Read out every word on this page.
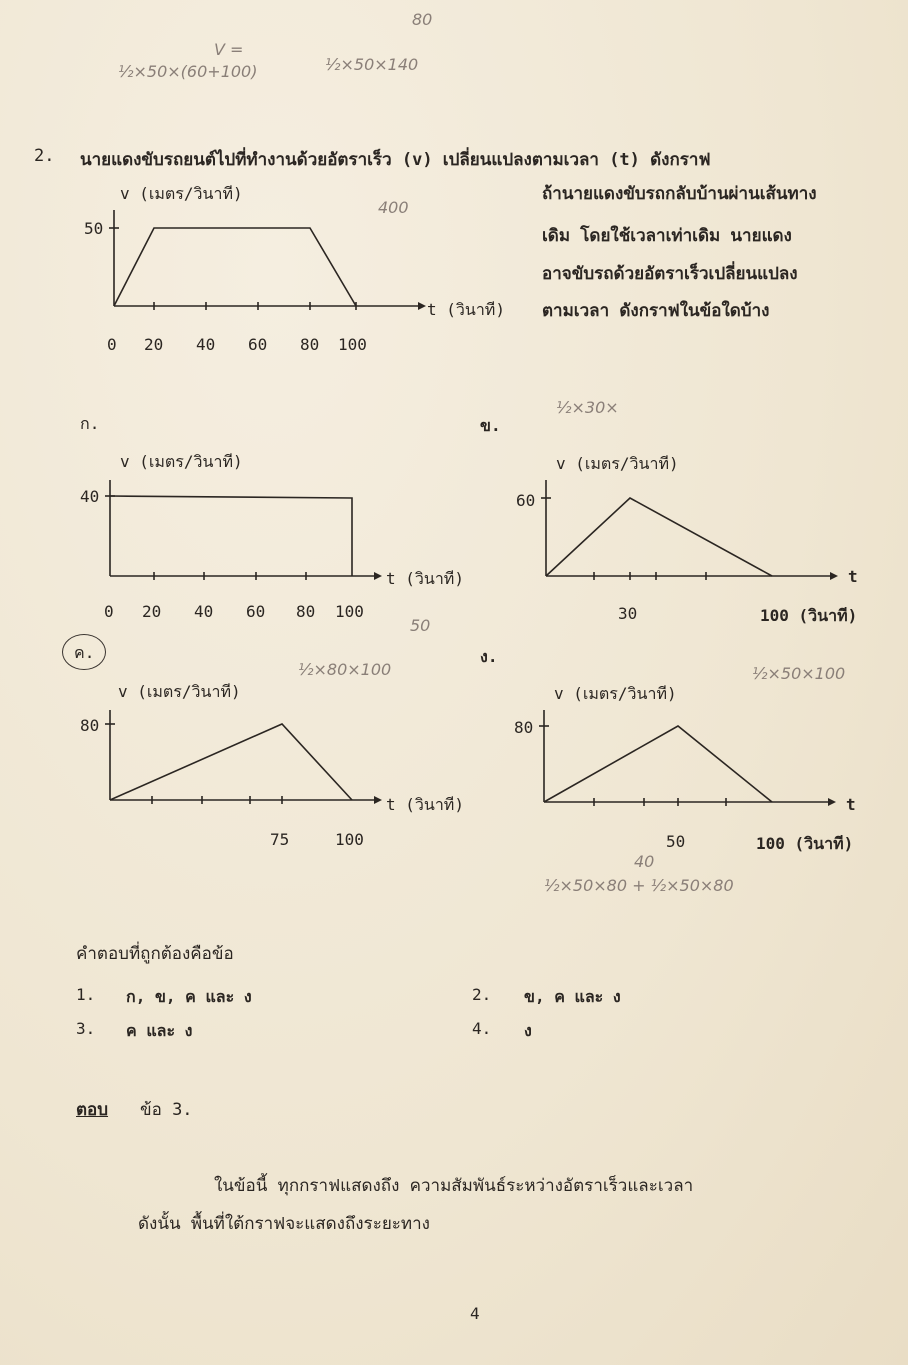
½×50×(60+100)
V =
½×50×140
80
2. นายแดงขับรถยนต์ไปที่ทำงานด้วยอัตราเร็ว (v) เปลี่ยนแปลงตามเวลา (t) ดังกราฟ
ถ้านายแดงขับรถกลับบ้านผ่านเส้นทาง
เดิม โดยใช้เวลาเท่าเดิม นายแดง
อาจขับรถด้วยอัตราเร็วเปลี่ยนแปลง
ตามเวลา ดังกราฟในข้อใดบ้าง
v (เมตร/วินาที)
50
t (วินาที)
400
0 20 40 60 80 100
ก.
v (เมตร/วินาที)
40
t (วินาที)
0 20 40 60 80 100
ข.
½×30×
v (เมตร/วินาที)
60
t
30	100 (วินาที)
ค.
½×80×100
50
ง.
v (เมตร/วินาที)
80
t (วินาที)
75	100
½×50×100
v (เมตร/วินาที)
80
t
50	100 (วินาที)
½×50×80 + ½×50×80
40
คำตอบที่ถูกต้องคือข้อ
1. ก, ข, ค และ ง	2. ข, ค และ ง
3. ค และ ง	4. ง
ตอบ ข้อ 3.
ในข้อนี้ ทุกกราฟแสดงถึง ความสัมพันธ์ระหว่างอัตราเร็วและเวลา
ดังนั้น พื้นที่ใต้กราฟจะแสดงถึงระยะทาง
4
